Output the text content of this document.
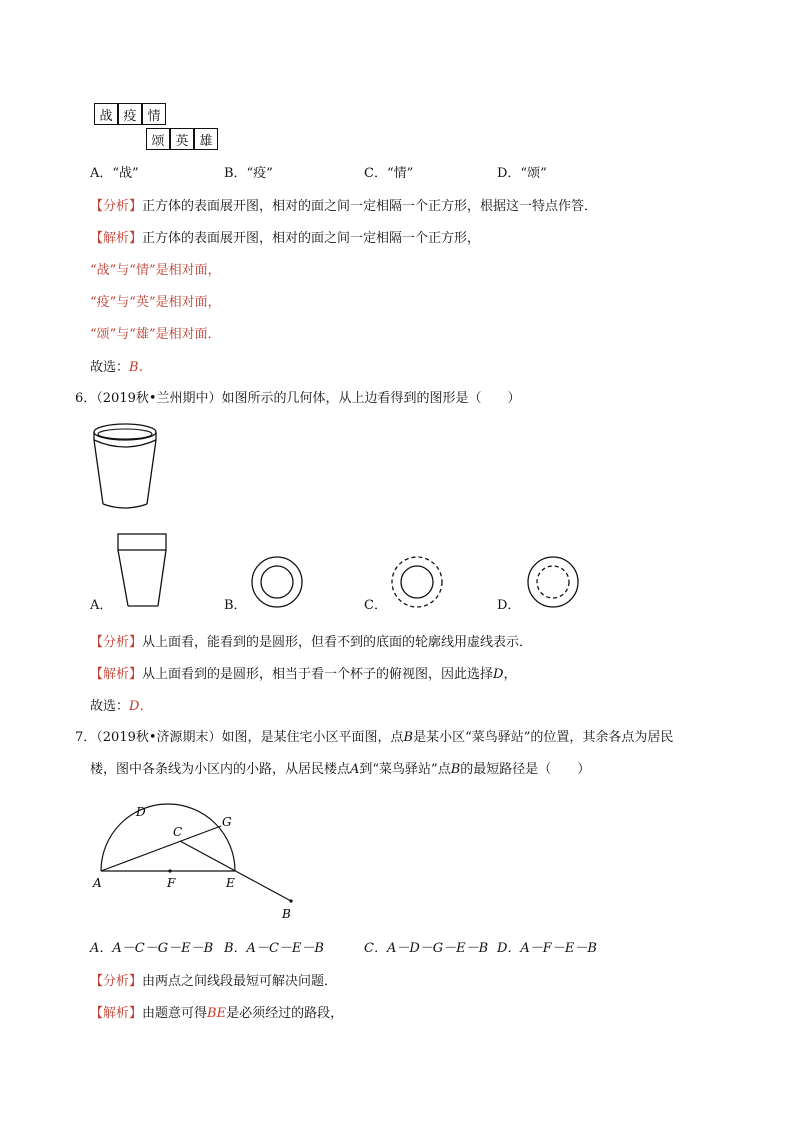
战 疫 情
颂 英 雄
A．“战”	B．“疫”	C．“情”	D．“颂”
【分析】正方体的表面展开图，相对的面之间一定相隔一个正方形，根据这一特点作答．
【解析】正方体的表面展开图，相对的面之间一定相隔一个正方形，
“战”与“情”是相对面，
“疫”与“英”是相对面，
“颂”与“雄”是相对面．
故选：B．
6．（2019秋•兰州期中）如图所示的几何体，从上边看得到的图形是（　　）
A．	B．	C．	D．
【分析】从上面看，能看到的是圆形，但看不到的底面的轮廓线用虚线表示．
【解析】从上面看到的是圆形，相当于看一个杯子的俯视图，因此选择D，
故选：D．
7．（2019秋•济源期末）如图，是某住宅小区平面图，点B是某小区“菜鸟驿站”的位置，其余各点为居民
楼，图中各条线为小区内的小路，从居民楼点A到“菜鸟驿站”点B的最短路径是（　　）
D
G
C
A	F	E
B
A．A－C－G－E－B B．A－C－E－B	C．A－D－G－E－B D．A－F－E－B
【分析】由两点之间线段最短可解决问题．
【解析】由题意可得BE是必须经过的路段，
